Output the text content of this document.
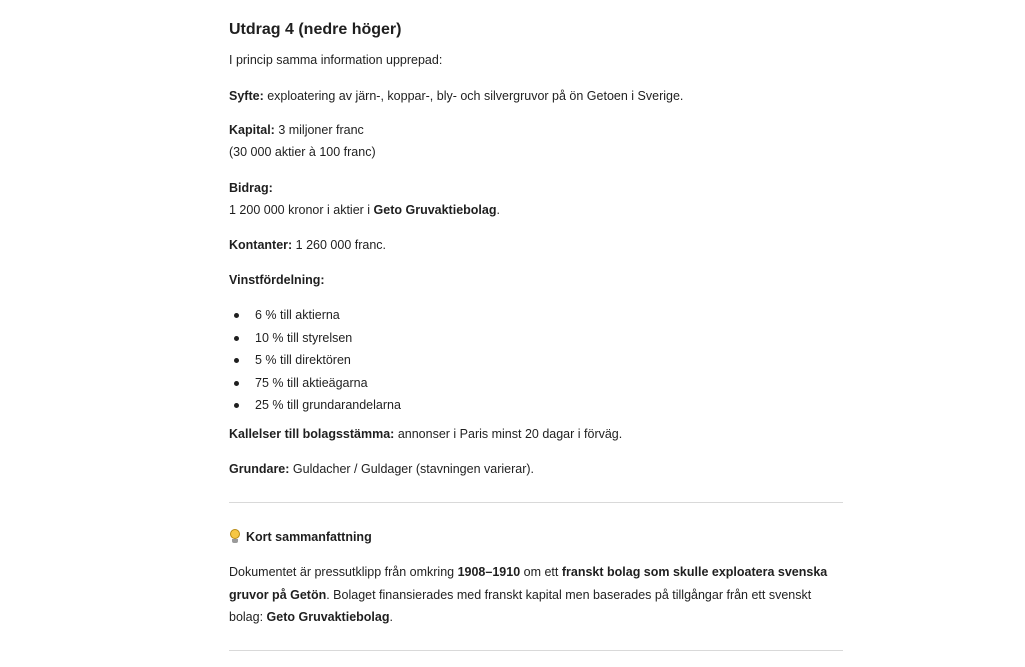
Utdrag 4 (nedre höger)

I princip samma information upprepad:

Syfte: exploatering av järn-, koppar-, bly- och silvergruvor på ön Getoen i Sverige.

Kapital: 3 miljoner franc

(30 000 aktier à 100 franc)

Bidrag:

1 200 000 kronor i aktier i Geto Gruvaktiebolag.

Kontanter: 1 260 000 franc.

Vinstfördelning:

6 % till aktierna
10 % till styrelsen
5 % till direktören
75 % till aktieägarna
25 % till grundarandelarna

Kallelser till bolagsstämma: annonser i Paris minst 20 dagar i förväg.

Grundare: Guldacher / Guldager (stavningen varierar).

Kort sammanfattning

Dokumentet är pressutklipp från omkring 1908–1910 om ett franskt bolag som skulle exploatera svenska gruvor på Getön. Bolaget finansierades med franskt kapital men baserades på tillgångar från ett svenskt bolag: Geto Gruvaktiebolag.
